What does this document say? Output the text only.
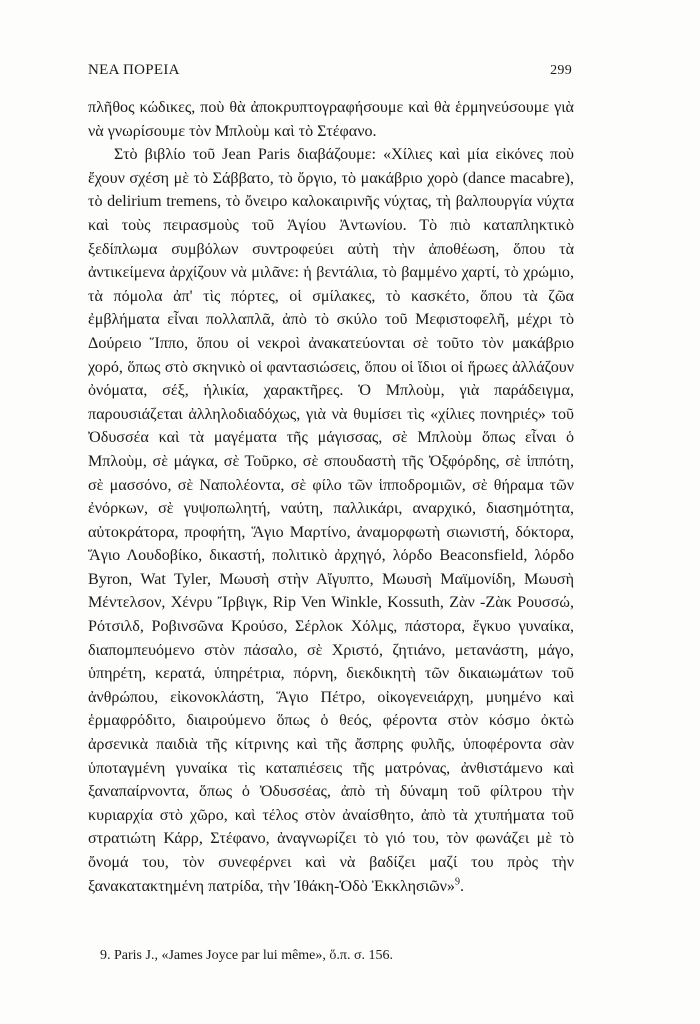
ΝΕΑ ΠΟΡΕΙΑ	299

πλῆθος κώδικες, ποὺ θὰ ἀποκρυπτογραφήσουμε καὶ θὰ ἑρμηνεύσουμε γιὰ νὰ γνωρίσουμε τὸν Μπλοὺμ καὶ τὸ Στέφανο.

Στὸ βιβλίο τοῦ Jean Paris διαβάζουμε: «Χίλιες καὶ μία εἰκόνες ποὺ ἔχουν σχέση μὲ τὸ Σάββατο, τὸ ὄργιο, τὸ μακάβριο χορὸ (dance macabre), τὸ delirium tremens, τὸ ὄνειρο καλοκαιρινῆς νύχτας, τὴ βαλπουργία νύχτα καὶ τοὺς πειρασμοὺς τοῦ Ἁγίου Ἀντωνίου. Τὸ πιὸ καταπληκτικὸ ξεδίπλωμα συμβόλων συντροφεύει αὐτὴ τὴν ἀποθέωση, ὅπου τὰ ἀντικείμενα ἀρχίζουν νὰ μιλᾶνε: ἡ βεντάλια, τὸ βαμμένο χαρτί, τὸ χρώμιο, τὰ πόμολα ἀπ' τὶς πόρτες, οἱ σμίλακες, τὸ κασκέτο, ὅπου τὰ ζῶα ἐμβλήματα εἶναι πολλαπλᾶ, ἀπὸ τὸ σκύλο τοῦ Μεφιστοφελῆ, μέχρι τὸ Δούρειο Ἵππο, ὅπου οἱ νεκροὶ ἀνακατεύονται σὲ τοῦτο τὸν μακάβριο χορό, ὅπως στὸ σκηνικὸ οἱ φαντασιώσεις, ὅπου οἱ ἴδιοι οἱ ἥρωες ἀλλάζουν ὀνόματα, σέξ, ἡλικία, χαρακτῆρες. Ὁ Μπλοὺμ, γιὰ παράδειγμα, παρουσιάζεται ἀλληλοδιαδόχως, γιὰ νὰ θυμίσει τὶς «χίλιες πονηριές» τοῦ Ὀδυσσέα καὶ τὰ μαγέματα τῆς μάγισσας, σὲ Μπλοὺμ ὅπως εἶναι ὁ Μπλοὺμ, σὲ μάγκα, σὲ Τοῦρκο, σὲ σπουδαστὴ τῆς Ὀξφόρδης, σὲ ἱππότη, σὲ μασσόνο, σὲ Ναπολέοντα, σὲ φίλο τῶν ἱπποδρομιῶν, σὲ θήραμα τῶν ἐνόρκων, σὲ γυψοπωλητή, ναύτη, παλλικάρι, αναρχικό, διασημότητα, αὐτοκράτορα, προφήτη, Ἅγιο Μαρτίνο, ἀναμορφωτὴ σιωνιστή, δόκτορα, Ἅγιο Λουδοβίκο, δικαστή, πολιτικὸ ἀρχηγό, λόρδο Beaconsfield, λόρδο Byron, Wat Tyler, Μωυσὴ στὴν Αἴγυπτο, Μωυσὴ Μαϊμονίδη, Μωυσὴ Μέντελσον, Χένρυ Ἴρβιγκ, Rip Ven Winkle, Kossuth, Ζὰν -Ζὰκ Ρουσσώ, Ρότσιλδ, Ροβινσῶνα Κρούσο, Σέρλοκ Χόλμς, πάστορα, ἔγκυο γυναίκα, διαπομπευόμενο στὸν πάσαλο, σὲ Χριστό, ζητιάνο, μετανάστη, μάγο, ὑπηρέτη, κερατά, ὑπηρέτρια, πόρνη, διεκδικητὴ τῶν δικαιωμάτων τοῦ ἀνθρώπου, εἰκονοκλάστη, Ἅγιο Πέτρο, οἰκογενειάρχη, μυημένο καὶ ἑρμαφρόδιτο, διαιρούμενο ὅπως ὁ θεός, φέροντα στὸν κόσμο ὀκτὼ ἀρσενικὰ παιδιὰ τῆς κίτρινης καὶ τῆς ἄσπρης φυλῆς, ὑποφέροντα σὰν ὑποταγμένη γυναίκα τὶς καταπιέσεις τῆς ματρόνας, ἀνθιστάμενο καὶ ξαναπαίρνοντα, ὅπως ὁ Ὀδυσσέας, ἀπὸ τὴ δύναμη τοῦ φίλτρου τὴν κυριαρχία στὸ χῶρο, καὶ τέλος στὸν ἀναίσθητο, ἀπὸ τὰ χτυπήματα τοῦ στρατιώτη Κάρρ, Στέφανο, ἀναγνωρίζει τὸ γιό του, τὸν φωνάζει μὲ τὸ ὄνομά του, τὸν συνεφέρνει καὶ νὰ βαδίζει μαζί του πρὸς τὴν ξανακατακτημένη πατρίδα, τὴν Ἰθάκη-Ὁδὸ Ἐκκλησιῶν»$^9$.

9. Paris J., «James Joyce par lui même», ὅ.π. σ. 156.
